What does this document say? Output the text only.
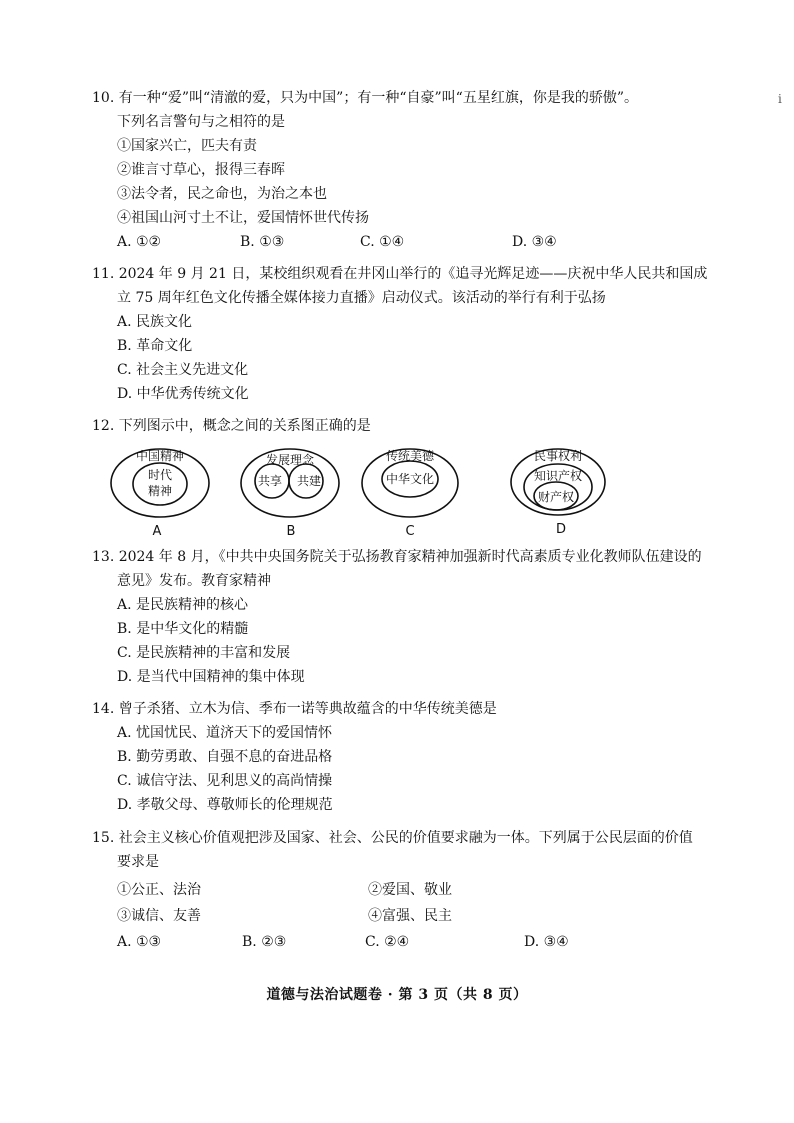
i
10. 有一种“爱”叫“清澈的爱，只为中国”；有一种“自豪”叫“五星红旗，你是我的骄傲”。
下列名言警句与之相符的是
①国家兴亡，匹夫有责
②谁言寸草心，报得三春晖
③法令者，民之命也，为治之本也
④祖国山河寸土不让，爱国情怀世代传扬
A. ①②	B. ①③	C. ①④	D. ③④
11. 2024 年 9 月 21 日，某校组织观看在井冈山举行的《追寻光辉足迹——庆祝中华人民共和国成
立 75 周年红色文化传播全媒体接力直播》启动仪式。该活动的举行有利于弘扬
A. 民族文化
B. 革命文化
C. 社会主义先进文化
D. 中华优秀传统文化
12. 下列图示中，概念之间的关系图正确的是
中国精神
时代
精神
发展理念
共享 共建
传统美德
中华文化
民事权利
知识产权
财产权
A	B	C	D
13. 2024 年 8 月，《中共中央国务院关于弘扬教育家精神加强新时代高素质专业化教师队伍建设的
意见》发布。教育家精神
A. 是民族精神的核心
B. 是中华文化的精髓
C. 是民族精神的丰富和发展
D. 是当代中国精神的集中体现
14. 曾子杀猪、立木为信、季布一诺等典故蕴含的中华传统美德是
A. 忧国忧民、道济天下的爱国情怀
B. 勤劳勇敢、自强不息的奋进品格
C. 诚信守法、见利思义的高尚情操
D. 孝敬父母、尊敬师长的伦理规范
15. 社会主义核心价值观把涉及国家、社会、公民的价值要求融为一体。下列属于公民层面的价值
要求是
①公正、法治	②爱国、敬业
③诚信、友善	④富强、民主
A. ①③	B. ②③	C. ②④	D. ③④
道德与法治试题卷 · 第 3 页（共 8 页）
